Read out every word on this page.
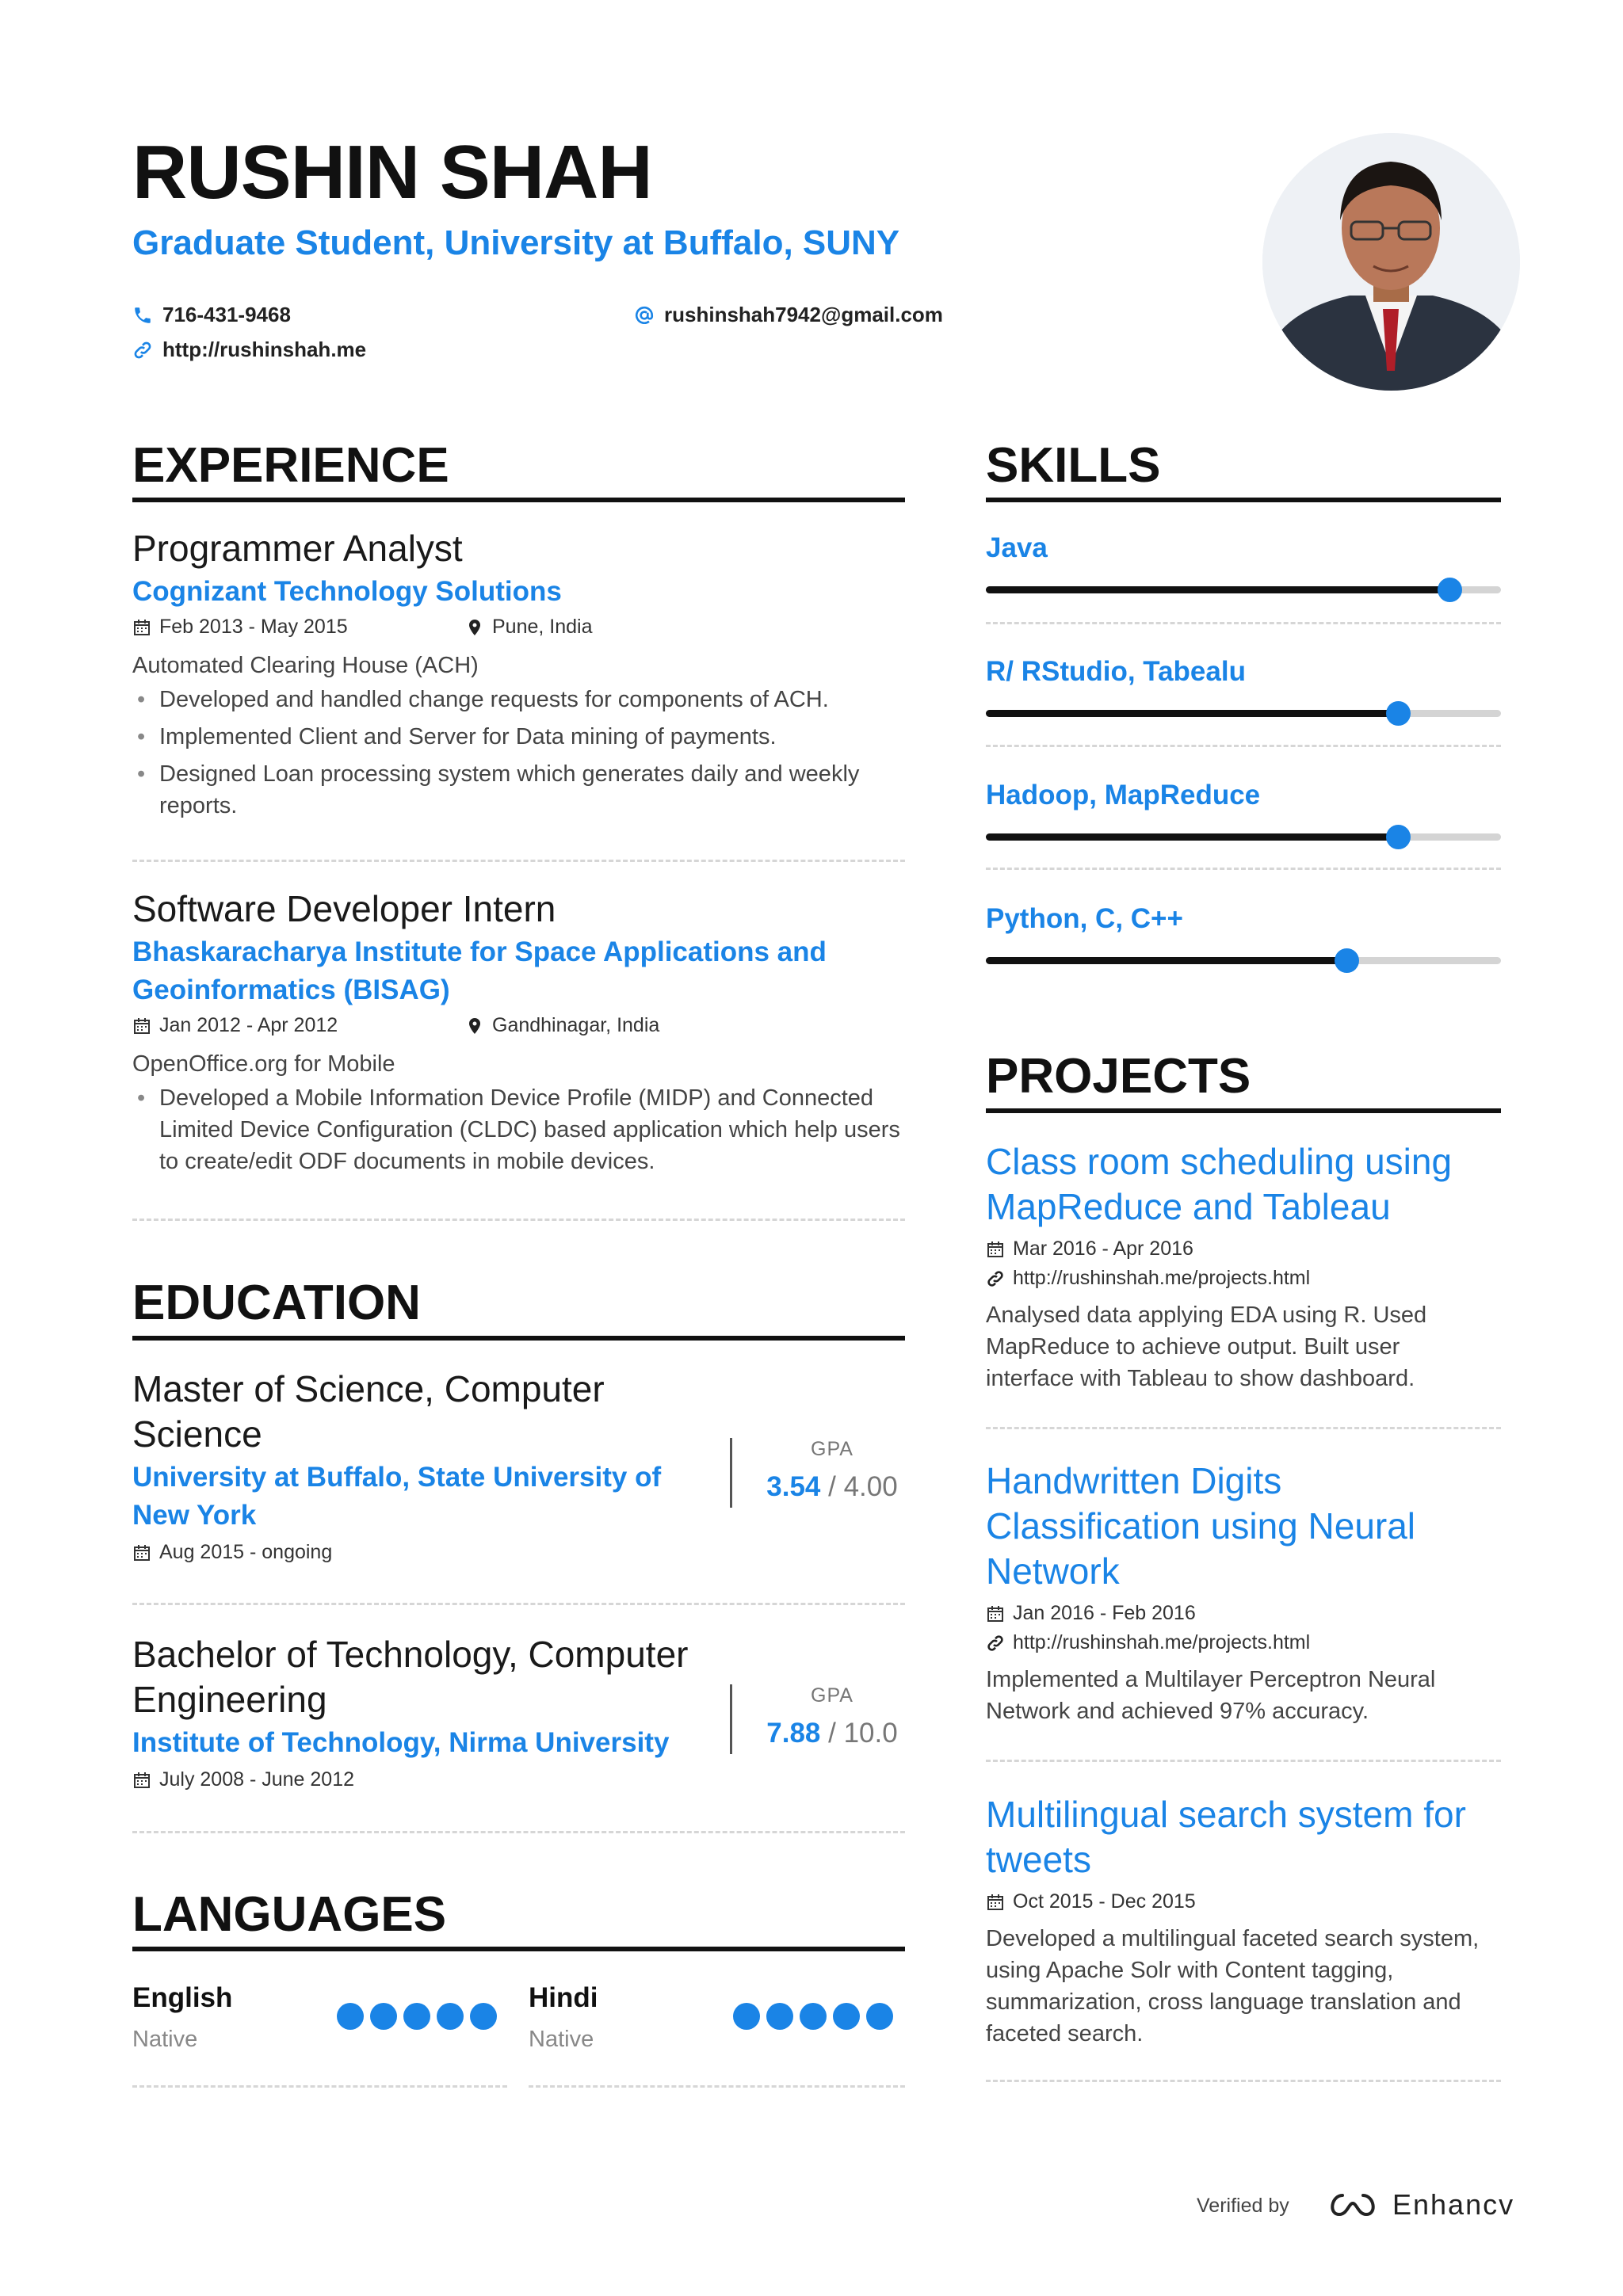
RUSHIN SHAH
Graduate Student, University at Buffalo, SUNY
716-431-9468	rushinshah7942@gmail.com
http://rushinshah.me
EXPERIENCE
Programmer Analyst
Cognizant Technology Solutions
Feb 2013 - May 2015	Pune, India
Automated Clearing House (ACH)
• Developed and handled change requests for components of ACH.
• Implemented Client and Server for Data mining of payments.
• Designed Loan processing system which generates daily and weekly reports.
Software Developer Intern
Bhaskaracharya Institute for Space Applications and Geoinformatics (BISAG)
Jan 2012 - Apr 2012	Gandhinagar, India
OpenOffice.org for Mobile
• Developed a Mobile Information Device Profile (MIDP) and Connected Limited Device Configuration (CLDC) based application which help users to create/edit ODF documents in mobile devices.
EDUCATION
Master of Science, Computer Science
University at Buffalo, State University of New York
Aug 2015 - ongoing
GPA
3.54 / 4.00
Bachelor of Technology, Computer Engineering
Institute of Technology, Nirma University
July 2008 - June 2012
GPA
7.88 / 10.0
LANGUAGES
English
Native
Hindi
Native
SKILLS
Java
R/ RStudio, Tabealu
Hadoop, MapReduce
Python, C, C++
PROJECTS
Class room scheduling using MapReduce and Tableau
Mar 2016 - Apr 2016
http://rushinshah.me/projects.html
Analysed data applying EDA using R. Used MapReduce to achieve output. Built user interface with Tableau to show dashboard.
Handwritten Digits Classification using Neural Network
Jan 2016 - Feb 2016
http://rushinshah.me/projects.html
Implemented a Multilayer Perceptron Neural Network and achieved 97% accuracy.
Multilingual search system for tweets
Oct 2015 - Dec 2015
Developed a multilingual faceted search system, using Apache Solr with Content tagging, summarization, cross language translation and faceted search.
Verified by	Enhancv
